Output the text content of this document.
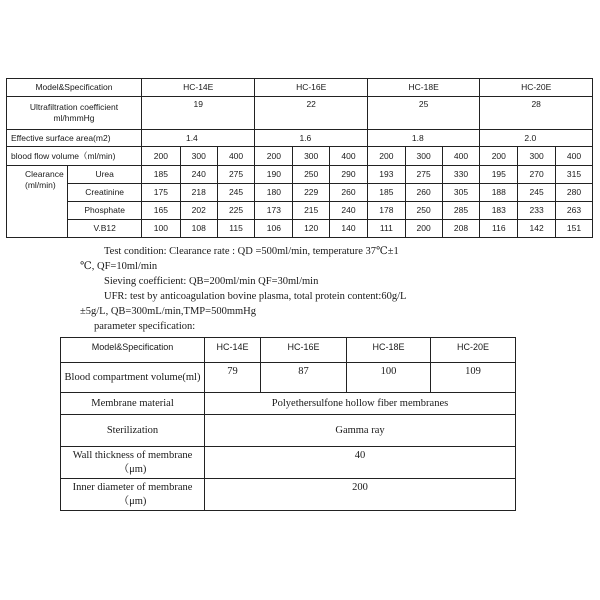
Model&Specification		HC-14E			HC-16E			HC-18E			HC-20E		

Ultrafiltration coefficient
ml/hmmHg		19			22			25			28		
Effective surface area(m2)		1.4			1.6			1.8			2.0		
blood flow volume（ml/min)		200	300	400	200	300	400	200	300	400	200	300	400

Clearance
(ml/min)	Urea	185	240	275	190	250	290	193	275	330	195	270	315
	Creatinine	175	218	245	180	229	260	185	260	305	188	245	280
	Phosphate	165	202	225	173	215	240	178	250	285	183	233	263
	V.B12	100	108	115	106	120	140	111	200	208	116	142	151
Test condition: Clearance rate : QD =500ml/min, temperature 37℃±1
℃, QF=10ml/min
Sieving coefficient: QB=200ml/min QF=30ml/min
UFR: test by anticoagulation bovine plasma, total protein content:60g/L
±5g/L, QB=300mL/min,TMP=500mmHg
parameter specification:
Model&Specification	HC-14E	HC-16E	HC-18E	HC-20E
Blood compartment volume(ml)	79	87	100	109
Membrane material	Polyethersulfone hollow fiber membranes			
Sterilization	Gamma ray			
Wall thickness of membrane（μm)	40			
Inner diameter of membrane（μm)	200			
